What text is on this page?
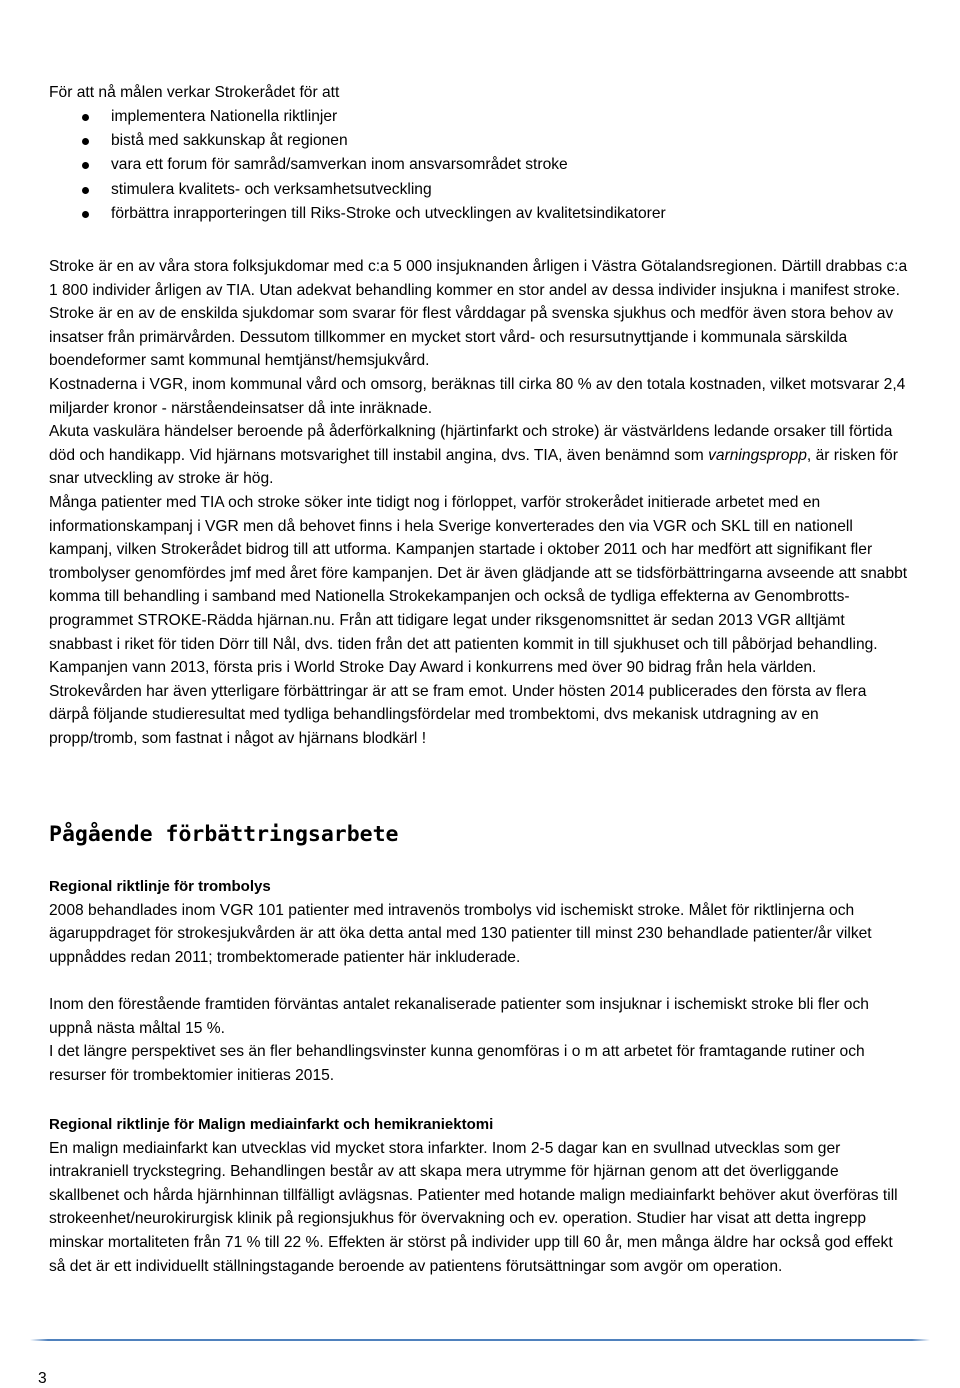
För att nå målen verkar Strokerådet för att
implementera Nationella riktlinjer
bistå med sakkunskap åt regionen
vara ett forum för samråd/samverkan inom ansvarsområdet stroke
stimulera kvalitets- och verksamhetsutveckling
förbättra inrapporteringen till Riks-Stroke och utvecklingen av kvalitetsindikatorer

Stroke är en av våra stora folksjukdomar med c:a 5 000 insjuknanden årligen i Västra Götalandsregionen. Därtill drabbas c:a 1 800 individer årligen av TIA. Utan adekvat behandling kommer en stor andel av dessa individer insjukna i manifest stroke.

Stroke är en av de enskilda sjukdomar som svarar för flest vårddagar på svenska sjukhus och medför även stora behov av insatser från primärvården. Dessutom tillkommer en mycket stort vård- och resursutnyttjande i kommunala särskilda boendeformer samt kommunal hemtjänst/hemsjukvård.

Kostnaderna i VGR, inom kommunal vård och omsorg, beräknas till cirka 80 % av den totala kostnaden, vilket motsvarar 2,4 miljarder kronor - närståendeinsatser då inte inräknade.

Akuta vaskulära händelser beroende på åderförkalkning (hjärtinfarkt och stroke) är västvärldens ledande orsaker till förtida död och handikapp. Vid hjärnans motsvarighet till instabil angina, dvs. TIA, även benämnd som varningspropp, är risken för snar utveckling av stroke är hög.

Många patienter med TIA och stroke söker inte tidigt nog i förloppet, varför strokerådet initierade arbetet med en informationskampanj i VGR men då behovet finns i hela Sverige konverterades den via VGR och SKL till en nationell kampanj, vilken Strokerådet bidrog till att utforma. Kampanjen startade i oktober 2011 och har medfört att signifikant fler trombolyser genomfördes jmf med året före kampanjen. Det är även glädjande att se tidsförbättringarna avseende att snabbt komma till behandling i samband med Nationella Strokekampanjen och också de tydliga effekterna av Genombrotts-programmet STROKE-Rädda hjärnan.nu. Från att tidigare legat under riksgenomsnittet är sedan 2013 VGR alltjämt snabbast i riket för tiden Dörr till Nål, dvs. tiden från det att patienten kommit in till sjukhuset och till påbörjad behandling. Kampanjen vann 2013, första pris i World Stroke Day Award i konkurrens med över 90 bidrag från hela världen.

Strokevården har även ytterligare förbättringar är att se fram emot. Under hösten 2014 publicerades den första av flera därpå följande studieresultat med tydliga behandlingsfördelar med trombektomi, dvs mekanisk utdragning av en propp/tromb, som fastnat i något av hjärnans blodkärl !

Pågående förbättringsarbete

Regional riktlinje för trombolys

2008 behandlades inom VGR 101 patienter med intravenös trombolys vid ischemiskt stroke. Målet för riktlinjerna och ägaruppdraget för strokesjukvården är att öka detta antal med 130 patienter till minst 230 behandlade patienter/år vilket uppnåddes redan 2011; trombektomerade patienter här inkluderade.

Inom den förestående framtiden förväntas antalet rekanaliserade patienter som insjuknar i ischemiskt stroke bli fler och uppnå nästa måltal 15 %.

I det längre perspektivet ses än fler behandlingsvinster kunna genomföras i o m att arbetet för framtagande rutiner och resurser för trombektomier initieras 2015.

Regional riktlinje för Malign mediainfarkt och hemikraniektomi

En malign mediainfarkt kan utvecklas vid mycket stora infarkter. Inom 2-5 dagar kan en svullnad utvecklas som ger intrakraniell tryckstegring. Behandlingen består av att skapa mera utrymme för hjärnan genom att det överliggande skallbenet och hårda hjärnhinnan tillfälligt avlägsnas. Patienter med hotande malign mediainfarkt behöver akut överföras till strokeenhet/neurokirurgisk klinik på regionsjukhus för övervakning och ev. operation. Studier har visat att detta ingrepp minskar mortaliteten från 71 % till 22 %. Effekten är störst på individer upp till 60 år, men många äldre har också god effekt så det är ett individuellt ställningstagande beroende av patientens förutsättningar som avgör om operation.

3
